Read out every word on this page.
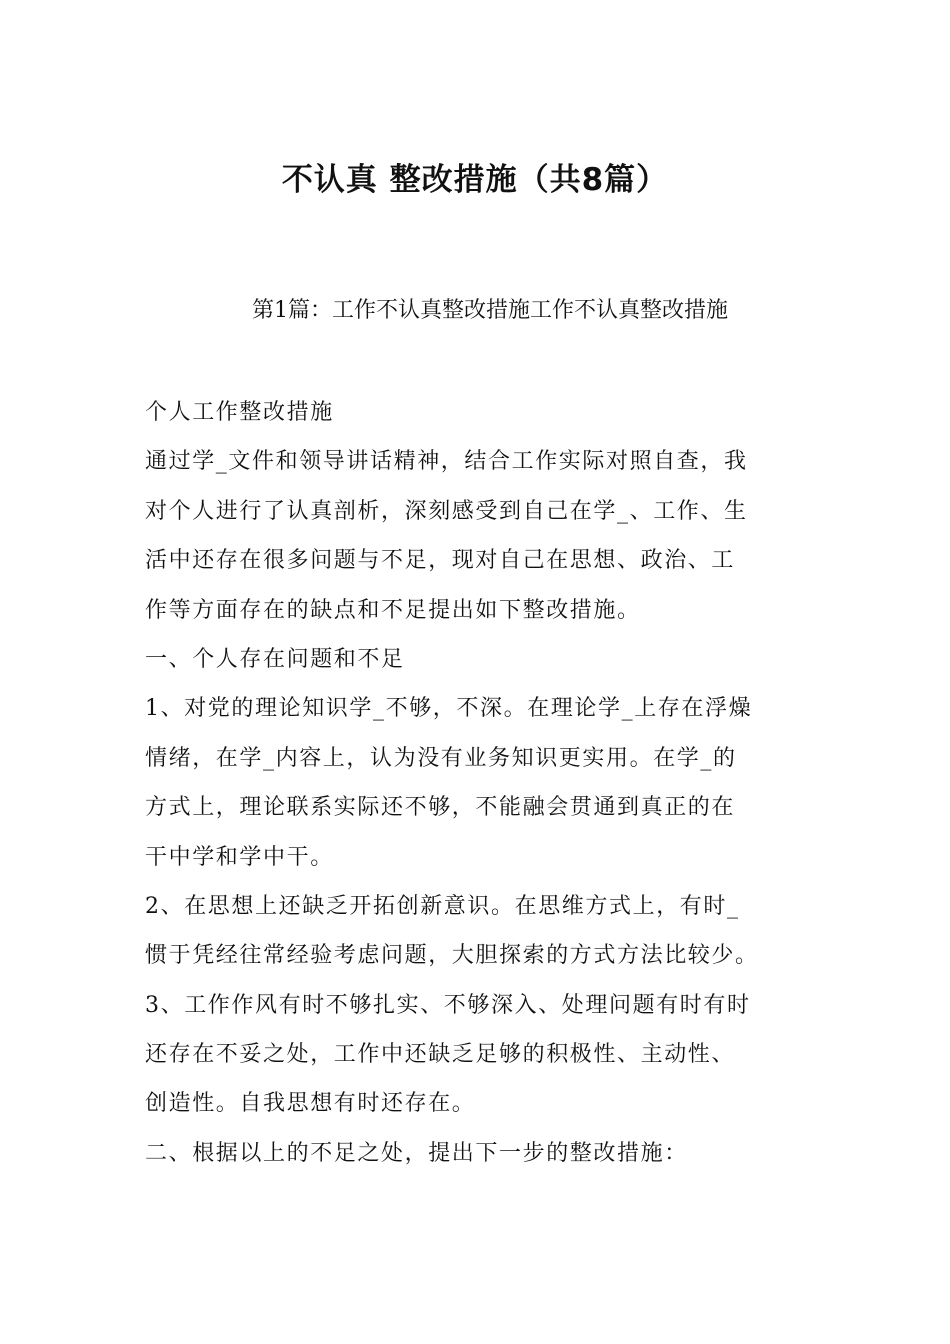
不认真 整改措施（共8篇）
第1篇：工作不认真整改措施工作不认真整改措施
个人工作整改措施
通过学_文件和领导讲话精神，结合工作实际对照自查，我
对个人进行了认真剖析，深刻感受到自己在学_、工作、生
活中还存在很多问题与不足，现对自己在思想、政治、工
作等方面存在的缺点和不足提出如下整改措施。
一、个人存在问题和不足
1、对党的理论知识学_不够，不深。在理论学_上存在浮燥
情绪，在学_内容上，认为没有业务知识更实用。在学_的
方式上，理论联系实际还不够，不能融会贯通到真正的在
干中学和学中干。
2、在思想上还缺乏开拓创新意识。在思维方式上，有时_
惯于凭经往常经验考虑问题，大胆探索的方式方法比较少。
3、工作作风有时不够扎实、不够深入、处理问题有时有时
还存在不妥之处，工作中还缺乏足够的积极性、主动性、
创造性。自我思想有时还存在。
二、根据以上的不足之处，提出下一步的整改措施：
